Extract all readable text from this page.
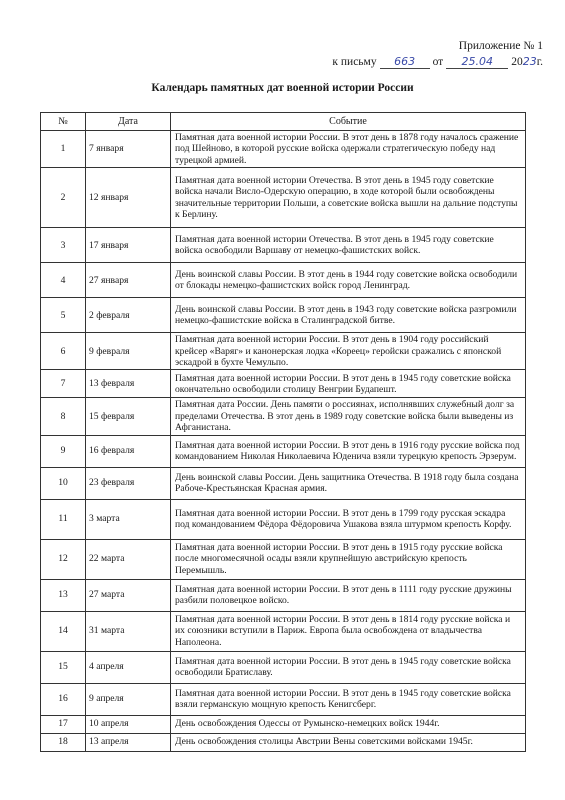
Приложение № 1
к письму	663	от	25.04	2023г.
Календарь памятных дат военной истории России
№	Дата	Событие
1	7 января	Памятная дата военной истории России. В этот день в 1878 году началось сражение под Шейново, в которой русские войска одержали стратегическую победу над турецкой армией.
2	12 января	Памятная дата военной истории Отечества. В этот день в 1945 году советские войска начали Висло-Одерскую операцию, в ходе которой были освобождены значительные территории Польши, а советские войска вышли на дальние подступы к Берлину.
3	17 января	Памятная дата военной истории Отечества. В этот день в 1945 году советские войска освободили Варшаву от немецко-фашистских войск.
4	27 января	День воинской славы России. В этот день в 1944 году советские войска освободили от блокады немецко-фашистских войск город Ленинград.
5	2 февраля	День воинской славы России. В этот день в 1943 году советские войска разгромили немецко-фашистские войска в Сталинградской битве.
6	9 февраля	Памятная дата военной истории России. В этот день в 1904 году российский крейсер «Варяг» и канонерская лодка «Кореец» геройски сражались с японской эскадрой в бухте Чемульпо.
7	13 февраля	Памятная дата военной истории России. В этот день в 1945 году советские войска окончательно освободили столицу Венгрии Будапешт.
8	15 февраля	Памятная дата России. День памяти о россиянах, исполнявших служебный долг за пределами Отечества. В этот день в 1989 году советские войска были выведены из Афганистана.
9	16 февраля	Памятная дата военной истории России. В этот день в 1916 году русские войска под командованием Николая Николаевича Юденича взяли турецкую крепость Эрзерум.
10	23 февраля	День воинской славы России. День защитника Отечества. В 1918 году была создана Рабоче-Крестьянская Красная армия.
11	3 марта	Памятная дата военной истории России. В этот день в 1799 году русская эскадра под командованием Фёдора Фёдоровича Ушакова взяла штурмом крепость Корфу.
12	22 марта	Памятная дата военной истории России. В этот день в 1915 году русские войска после многомесячной осады взяли крупнейшую австрийскую крепость Перемышль.
13	27 марта	Памятная дата военной истории России. В этот день в 1111 году русские дружины разбили половецкое войско.
14	31 марта	Памятная дата военной истории России. В этот день в 1814 году русские войска и их союзники вступили в Париж. Европа была освобождена от владычества Наполеона.
15	4 апреля	Памятная дата военной истории России. В этот день в 1945 году советские войска освободили Братиславу.
16	9 апреля	Памятная дата военной истории России. В этот день в 1945 году советские войска взяли германскую мощную крепость Кенигсберг.
17	10 апреля	День освобождения Одессы от Румынско-немецких войск 1944г.
18	13 апреля	День освобождения столицы Австрии Вены советскими войсками 1945г.
